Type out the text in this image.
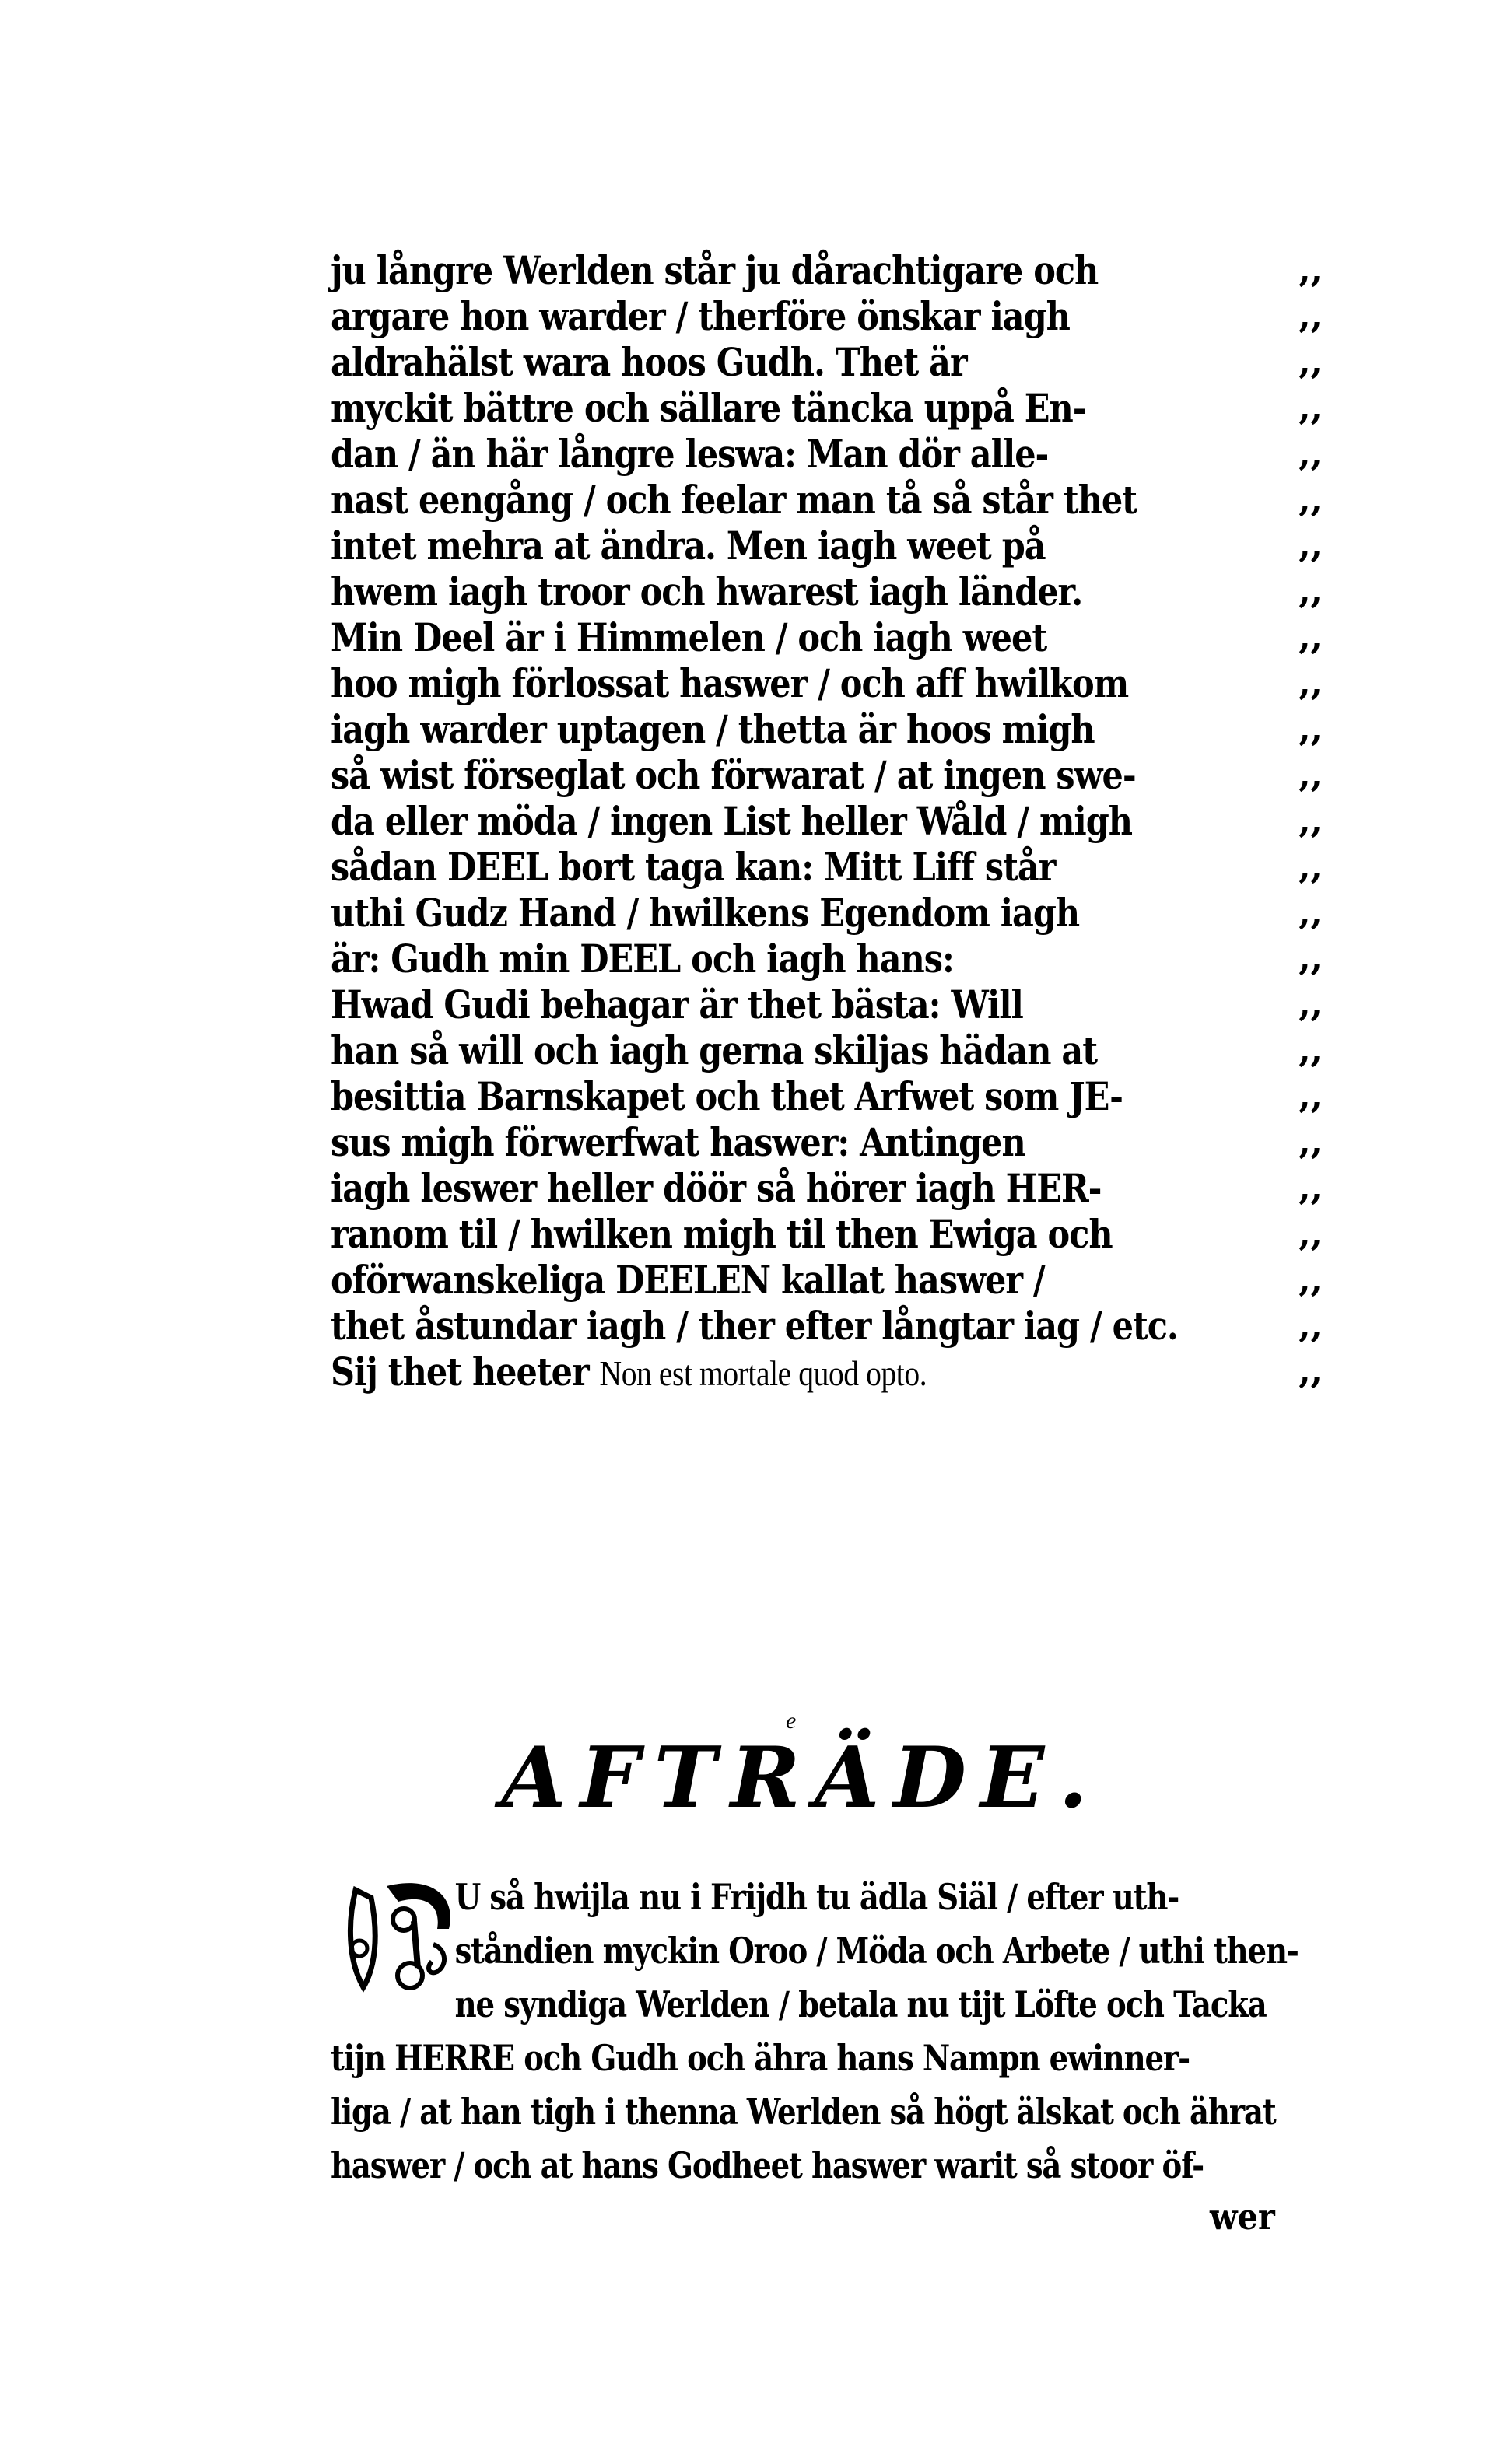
ju långre Werlden står ju dårachtigare och	,,
argare hon warder / therföre önskar iagh	,,
aldrahälst wara hoos Gudh. Thet är	,,
myckit bättre och sällare täncka uppå En-	,,
dan / än här långre leswa: Man dör alle-	,,
nast eengång / och feelar man tå så står thet	,,
intet mehra at ändra. Men iagh weet på	,,
hwem iagh troor och hwarest iagh länder.	,,
Min Deel är i Himmelen / och iagh weet	,,
hoo migh förlossat haswer / och aff hwilkom	,,
iagh warder uptagen / thetta är hoos migh	,,
så wist förseglat och förwarat / at ingen swe-	,,
da eller möda / ingen List heller Wåld / migh	,,
sådan DEEL bort taga kan: Mitt Liff står	,,
uthi Gudz Hand / hwilkens Egendom iagh	,,
är: Gudh min DEEL och iagh hans:	,,
Hwad Gudi behagar är thet bästa: Will	,,
han så will och iagh gerna skiljas hädan at	,,
besittia Barnskapet och thet Arfwet som JE-	,,
sus migh förwerfwat haswer: Antingen	,,
iagh leswer heller döör så hörer iagh HER-	,,
ranom til / hwilken migh til then Ewiga och	,,
oförwanskeliga DEELEN kallat haswer /	,,
thet åstundar iagh / ther efter långtar iag / etc.	,,
Sij thet heeter Non est mortale quod opto.	,,
e
AFTRÄDE.
U så hwijla nu i Frijdh tu ädla Siäl / efter uth-
ståndien myckin Oroo / Möda och Arbete / uthi then-
ne syndiga Werlden / betala nu tijt Löfte och Tacka
tijn HERRE och Gudh och ähra hans Nampn ewinner-
liga / at han tigh i thenna Werlden så högt älskat och ährat
haswer / och at hans Godheet haswer warit så stoor öf-
wer
